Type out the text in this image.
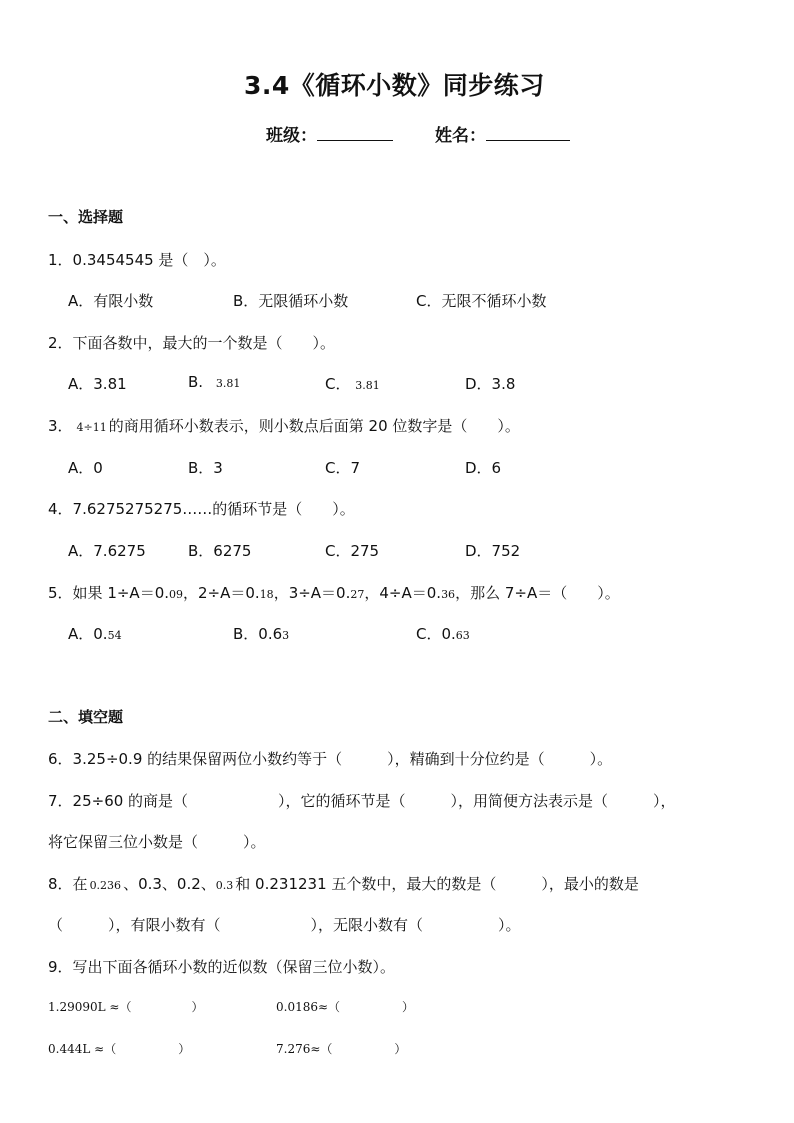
3.4《循环小数》同步练习
班级：	姓名：
一、选择题
1．0.3454545 是（　）。
A．有限小数	B．无限循环小数	C．无限不循环小数
2．下面各数中，最大的一个数是（　　）。
A．3.81	B. 3.81	C． 3.81	D．3.8
3． 4÷11 的商用循环小数表示，则小数点后面第 20 位数字是（　　）。
A．0	B．3	C．7	D．6
4．7.6275275275……的循环节是（　　）。
A．7.6275	B．6275	C．275	D．752
5．如果 1÷A＝0.09，2÷A＝0.18，3÷A＝0.27，4÷A＝0.36，那么 7÷A＝（　　）。
A．0.54	B．0.63	C．0.63
二、填空题
6．3.25÷0.9 的结果保留两位小数约等于（　　　），精确到十分位约是（　　　）。
7．25÷60 的商是（　　　　　　），它的循环节是（　　　），用简便方法表示是（　　　），
将它保留三位小数是（　　　）。
8．在 0.236 、0.3、0.2、0.3 和 0.231231 五个数中，最大的数是（　　　），最小的数是
（　　　），有限小数有（　　　　　　），无限小数有（　　　　　）。
9．写出下面各循环小数的近似数（保留三位小数）。
1.29090L ≈（	）	0.0186≈（	）
0.444L ≈（	）	7.276≈（	）
